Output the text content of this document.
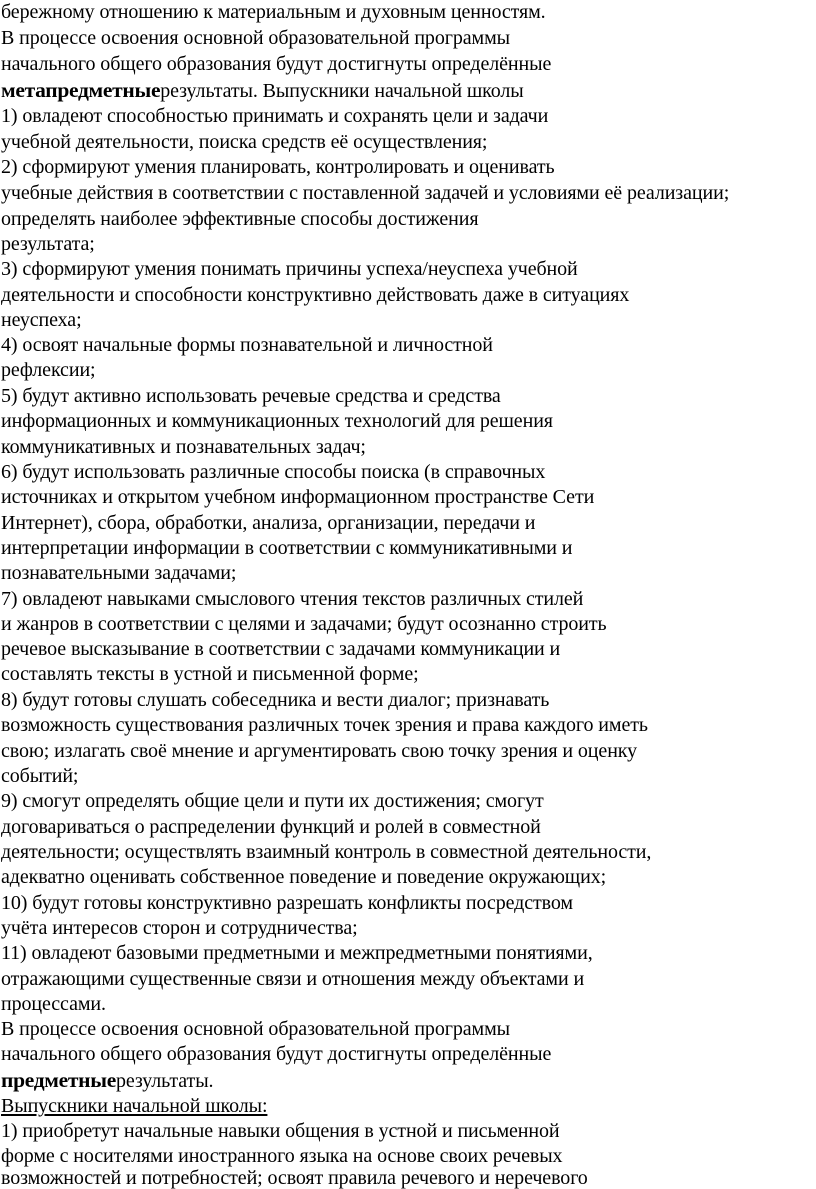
бережному отношению к материальным и духовным ценностям.
В процессе освоения основной образовательной программы
начального общего образования будут достигнуты определённые
метапредметныерезультаты. Выпускники начальной школы
1) овладеют способностью принимать и сохранять цели и задачи
учебной деятельности, поиска средств её осуществления;
2) сформируют умения планировать, контролировать и оценивать
учебные действия в соответствии с поставленной задачей и условиями её реализации;
определять наиболее эффективные способы достижения
результата;
3) сформируют умения понимать причины успеха/неуспеха учебной
деятельности и способности конструктивно действовать даже в ситуациях
неуспеха;
4) освоят начальные формы познавательной и личностной
рефлексии;
5) будут активно использовать речевые средства и средства
информационных и коммуникационных технологий для решения
коммуникативных и познавательных задач;
6) будут использовать различные способы поиска (в справочных
источниках и открытом учебном информационном пространстве Сети
Интернет), сбора, обработки, анализа, организации, передачи и
интерпретации информации в соответствии с коммуникативными и
познавательными задачами;
7) овладеют навыками смыслового чтения текстов различных стилей
и жанров в соответствии с целями и задачами; будут осознанно строить
речевое высказывание в соответствии с задачами коммуникации и
составлять тексты в устной и письменной форме;
8) будут готовы слушать собеседника и вести диалог; признавать
возможность существования различных точек зрения и права каждого иметь
свою; излагать своё мнение и аргументировать свою точку зрения и оценку
событий;
9) смогут определять общие цели и пути их достижения; смогут
договариваться о распределении функций и ролей в совместной
деятельности; осуществлять взаимный контроль в совместной деятельности,
адекватно оценивать собственное поведение и поведение окружающих;
10) будут готовы конструктивно разрешать конфликты посредством
учёта интересов сторон и сотрудничества;
11) овладеют базовыми предметными и межпредметными понятиями,
отражающими существенные связи и отношения между объектами и
процессами.
В процессе освоения основной образовательной программы
начального общего образования будут достигнуты определённые
предметныерезультаты.
Выпускники начальной школы:
1) приобретут начальные навыки общения в устной и письменной
форме с носителями иностранного языка на основе своих речевых
возможностей и потребностей; освоят правила речевого и неречевого
